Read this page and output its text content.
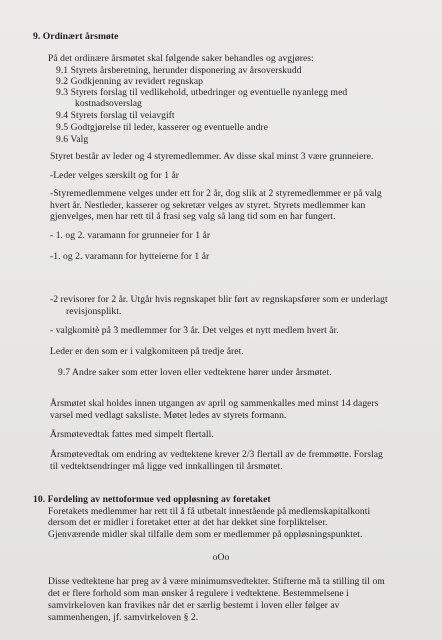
9. Ordinært årsmøte
På det ordinære årsmøtet skal følgende saker behandles og avgjøres:
9.1 Styrets årsberetning, herunder disponering av årsoverskudd
9.2 Godkjenning av revidert regnskap
9.3 Styrets forslag til vedlikehold, utbedringer og eventuelle nyanlegg med
kostnadsoverslag
9.4 Styrets forslag til veiavgift
9.5 Godtgjørelse til leder, kasserer og eventuelle andre
9.6 Valg
Styret består av leder og 4 styremedlemmer. Av disse skal minst 3 være grunneiere.
-Leder velges særskilt og for 1 år
-Styremedlemmene velges under ett for 2 år, dog slik at 2 styremedlemmer er på valg
hvert år. Nestleder, kasserer og sekretær velges av styret. Styrets medlemmer kan
gjenvelges, men har rett til å frasi seg valg så lang tid som en har fungert.
- 1. og 2. varamann for grunneier for 1 år
-1. og 2. varamann for hytteierne for 1 år
-2 revisorer for 2 år. Utgår hvis regnskapet blir ført av regnskapsfører som er underlagt
revisjonsplikt.
- valgkomitè på 3 medlemmer for 3 år. Det velges et nytt medlem hvert år.
Leder er den som er i valgkomiteen på tredje året.
9.7 Andre saker som etter loven eller vedtektene hører under årsmøtet.
Årsmøtet skal holdes innen utgangen av april og sammenkalles med minst 14 dagers
varsel med vedlagt saksliste. Møtet ledes av styrets formann.
Årsmøtevedtak fattes med simpelt flertall.
Årsmøtevedtak om endring av vedtektene krever 2/3 flertall av de fremmøtte. Forslag
til vedtektsendringer må ligge ved innkallingen til årsmøtet.
10. Fordeling av nettoformue ved oppløsning av foretaket
Foretakets medlemmer har rett til å få utbetalt innestående på medlemskapitalkonti
dersom det er midler i foretaket etter at det har dekket sine forpliktelser.
Gjenværende midler skal tilfalle dem som er medlemmer på oppløsningspunktet.
oOo
Disse vedtektene har preg av å være minimumsvedtekter. Stifterne må ta stilling til om
det er flere forhold som man ønsker å regulere i vedtektene. Bestemmelsene i
samvirkeloven kan fravikes når det er særlig bestemt i loven eller følger av
sammenhengen, jf. samvirkeloven § 2.
